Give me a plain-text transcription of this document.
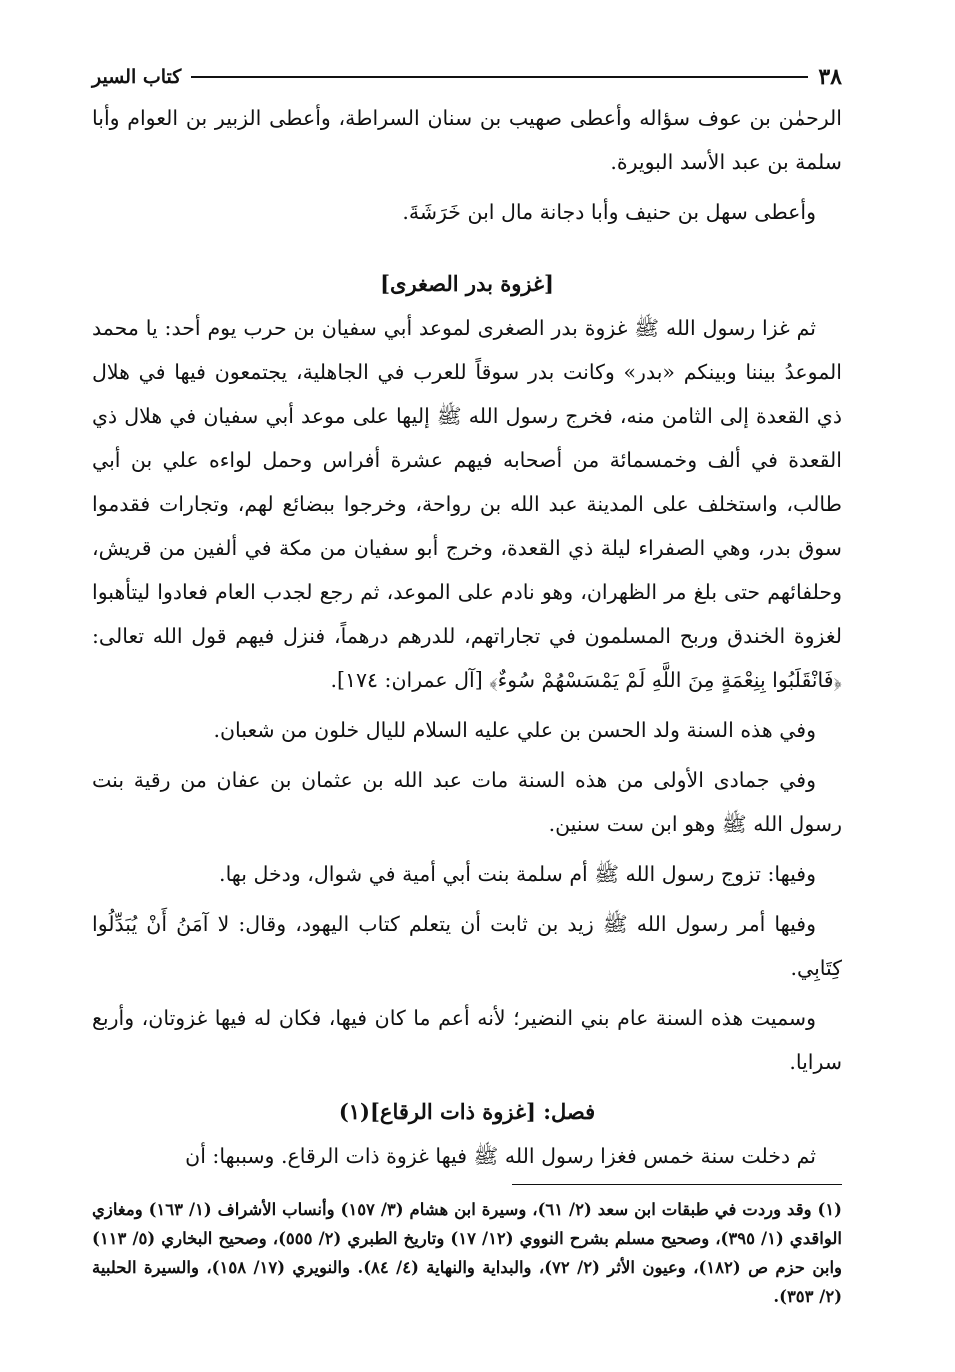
٣٨
كتاب السير

الرحمٰن بن عوف سؤاله وأعطى صهيب بن سنان السراطة، وأعطى الزبير بن العوام وأبا سلمة بن عبد الأسد البويرة.

وأعطى سهل بن حنيف وأبا دجانة مال ابن خَرَشَةَ.

[غزوة بدر الصغرى]

ثم غزا رسول الله ﷺ غزوة بدر الصغرى لموعد أبي سفيان بن حرب يوم أحد: يا محمد الموعدُ بيننا وبينكم «بدر» وكانت بدر سوقاً للعرب في الجاهلية، يجتمعون فيها في هلال ذي القعدة إلى الثامن منه، فخرج رسول الله ﷺ إليها على موعد أبي سفيان في هلال ذي القعدة في ألف وخمسمائة من أصحابه فيهم عشرة أفراس وحمل لواءه علي بن أبي طالب، واستخلف على المدينة عبد الله بن رواحة، وخرجوا ببضائع لهم، وتجارات فقدموا سوق بدر، وهي الصفراء ليلة ذي القعدة، وخرج أبو سفيان من مكة في ألفين من قريش، وحلفائهم حتى بلغ مر الظهران، وهو نادم على الموعد، ثم رجع لجدب العام فعادوا ليتأهبوا لغزوة الخندق وربح المسلمون في تجاراتهم، للدرهم درهماً، فنزل فيهم قول الله تعالى: ﴿فَانْقَلَبُوا بِنِعْمَةٍ مِنَ اللَّهِ لَمْ يَمْسَسْهُمْ سُوءٌ﴾ [آل عمران: ١٧٤].

وفي هذه السنة ولد الحسن بن علي عليه السلام لليال خلون من شعبان.

وفي جمادى الأولى من هذه السنة مات عبد الله بن عثمان بن عفان من رقية بنت رسول الله ﷺ وهو ابن ست سنين.

وفيها: تزوج رسول الله ﷺ أم سلمة بنت أبي أمية في شوال، ودخل بها.

وفيها أمر رسول الله ﷺ زيد بن ثابت أن يتعلم كتاب اليهود، وقال: لا آمَنُ أَنْ يُبَدِّلُوا كِتَابِي.

وسميت هذه السنة عام بني النضير؛ لأنه أعم ما كان فيها، فكان له فيها غزوتان، وأربع سرايا.

فصل: [غزوة ذات الرقاع](١)

ثم دخلت سنة خمس فغزا رسول الله ﷺ فيها غزوة ذات الرقاع. وسببها: أن

(١) وقد وردت في طبقات ابن سعد (٢/ ٦١)، وسيرة ابن هشام (٣/ ١٥٧) وأنساب الأشراف (١/ ١٦٣) ومغازي الواقدي (١/ ٣٩٥)، وصحيح مسلم بشرح النووي (١٢/ ١٧) وتاريخ الطبري (٢/ ٥٥٥)، وصحيح البخاري (٥/ ١١٣) وابن حزم ص (١٨٢)، وعيون الأثر (٢/ ٧٢)، والبداية والنهاية (٤/ ٨٤). والنويري (١٧/ ١٥٨)، والسيرة الحلبية (٢/ ٣٥٣).
